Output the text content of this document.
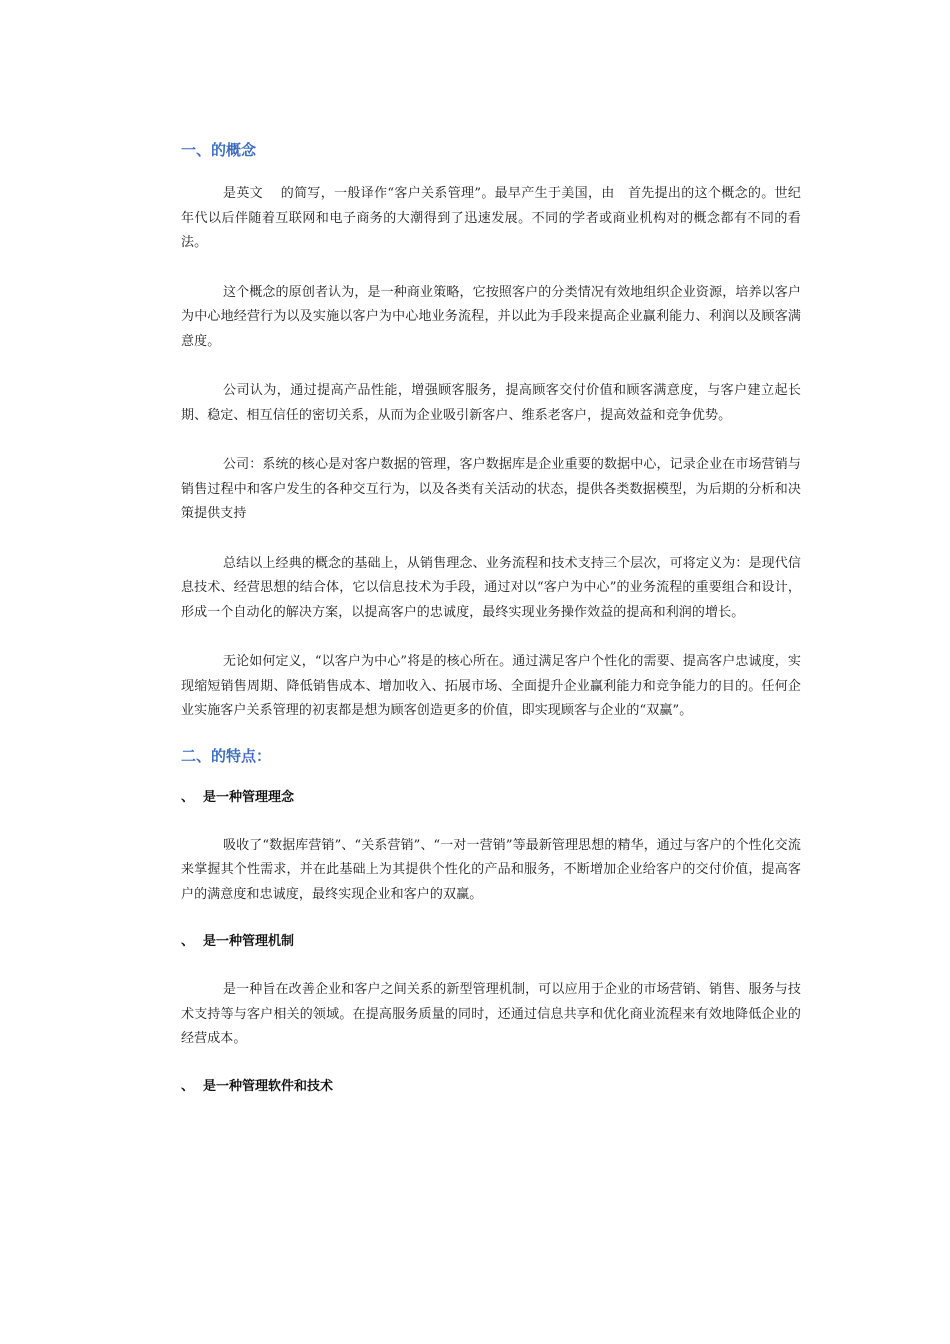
一、的概念

是英文　 的简写，一般译作“客户关系管理”。最早产生于美国，由　首先提出的这个概念的。世纪年代以后伴随着互联网和电子商务的大潮得到了迅速发展。不同的学者或商业机构对的概念都有不同的看法。

这个概念的原创者认为，是一种商业策略，它按照客户的分类情况有效地组织企业资源，培养以客户为中心地经营行为以及实施以客户为中心地业务流程，并以此为手段来提高企业赢利能力、利润以及顾客满意度。

公司认为，通过提高产品性能，增强顾客服务，提高顾客交付价值和顾客满意度，与客户建立起长期、稳定、相互信任的密切关系，从而为企业吸引新客户、维系老客户，提高效益和竞争优势。

公司：系统的核心是对客户数据的管理，客户数据库是企业重要的数据中心，记录企业在市场营销与销售过程中和客户发生的各种交互行为，以及各类有关活动的状态，提供各类数据模型，为后期的分析和决策提供支持

总结以上经典的概念的基础上，从销售理念、业务流程和技术支持三个层次，可将定义为：是现代信息技术、经营思想的结合体，它以信息技术为手段，通过对以“客户为中心”的业务流程的重要组合和设计，形成一个自动化的解决方案，以提高客户的忠诚度，最终实现业务操作效益的提高和利润的增长。

无论如何定义，“以客户为中心”将是的核心所在。通过满足客户个性化的需要、提高客户忠诚度，实现缩短销售周期、降低销售成本、增加收入、拓展市场、全面提升企业赢利能力和竞争能力的目的。任何企业实施客户关系管理的初衷都是想为顾客创造更多的价值，即实现顾客与企业的“双赢”。

二、的特点：
、  是一种管理理念

吸收了“数据库营销”、“关系营销”、“一对一营销”等最新管理思想的精华，通过与客户的个性化交流来掌握其个性需求，并在此基础上为其提供个性化的产品和服务，不断增加企业给客户的交付价值，提高客户的满意度和忠诚度，最终实现企业和客户的双赢。

、  是一种管理机制

是一种旨在改善企业和客户之间关系的新型管理机制，可以应用于企业的市场营销、销售、服务与技术支持等与客户相关的领域。在提高服务质量的同时，还通过信息共享和优化商业流程来有效地降低企业的经营成本。

、  是一种管理软件和技术
